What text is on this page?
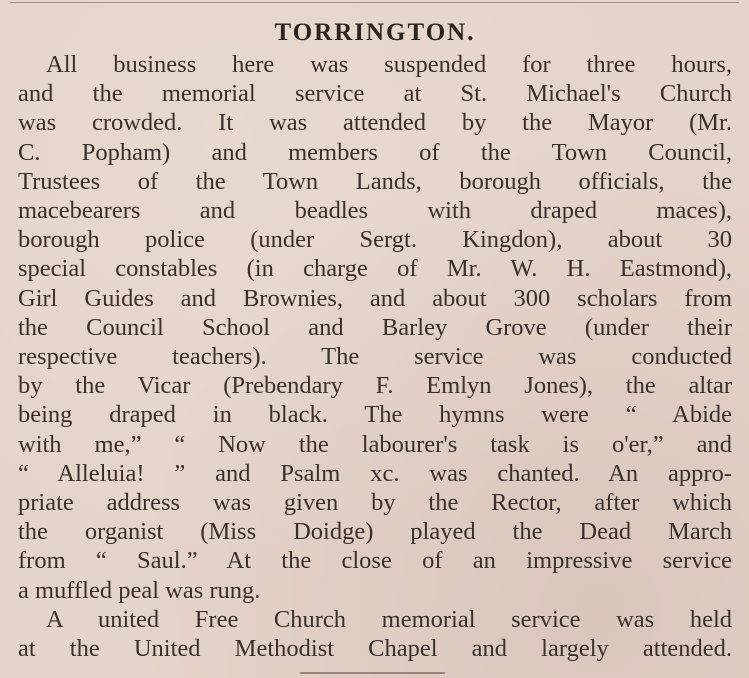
TORRINGTON.

All business here was suspended for three hours,
and the memorial service at St. Michael's Church
was crowded. It was attended by the Mayor (Mr.
C. Popham) and members of the Town Council,
Trustees of the Town Lands, borough officials, the
macebearers and beadles with draped maces),
borough police (under Sergt. Kingdon), about 30
special constables (in charge of Mr. W. H. Eastmond),
Girl Guides and Brownies, and about 300 scholars from
the Council School and Barley Grove (under their
respective teachers). The service was conducted
by the Vicar (Prebendary F. Emlyn Jones), the altar
being draped in black. The hymns were “ Abide
with me,” “ Now the labourer's task is o'er,” and
“ Alleluia! ” and Psalm xc. was chanted. An appro-
priate address was given by the Rector, after which
the organist (Miss Doidge) played the Dead March
from “ Saul.” At the close of an impressive service
a muffled peal was rung.

A united Free Church memorial service was held
at the United Methodist Chapel and largely attended.
